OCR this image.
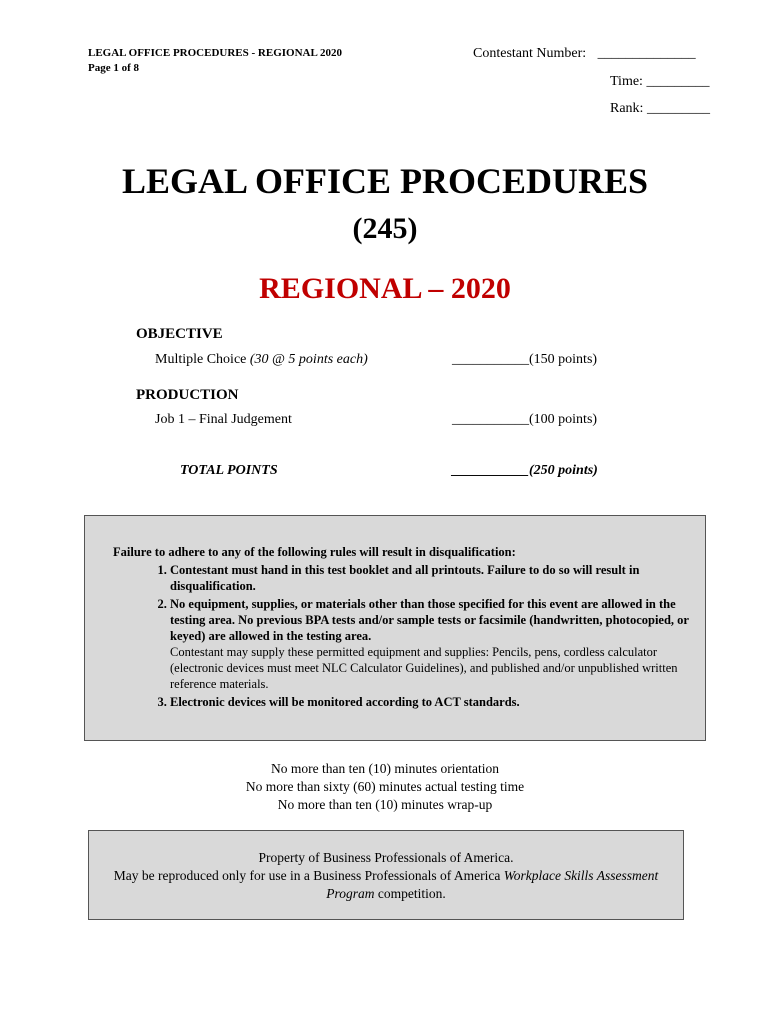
LEGAL OFFICE PROCEDURES - REGIONAL 2020
Page 1 of 8
Contestant Number: ______________
Time: _________
Rank: _________
LEGAL OFFICE PROCEDURES
(245)
REGIONAL – 2020
OBJECTIVE
Multiple Choice (30 @ 5 points each)	___________(150 points)
PRODUCTION
Job 1 – Final Judgement	___________(100 points)
TOTAL POINTS	___________(250 points)
Failure to adhere to any of the following rules will result in disqualification:
1. Contestant must hand in this test booklet and all printouts. Failure to do so will result in disqualification.
2. No equipment, supplies, or materials other than those specified for this event are allowed in the testing area. No previous BPA tests and/or sample tests or facsimile (handwritten, photocopied, or keyed) are allowed in the testing area.
Contestant may supply these permitted equipment and supplies: Pencils, pens, cordless calculator (electronic devices must meet NLC Calculator Guidelines), and published and/or unpublished written reference materials.
3. Electronic devices will be monitored according to ACT standards.
No more than ten (10) minutes orientation
No more than sixty (60) minutes actual testing time
No more than ten (10) minutes wrap-up
Property of Business Professionals of America.
May be reproduced only for use in a Business Professionals of America Workplace Skills Assessment
Program competition.
